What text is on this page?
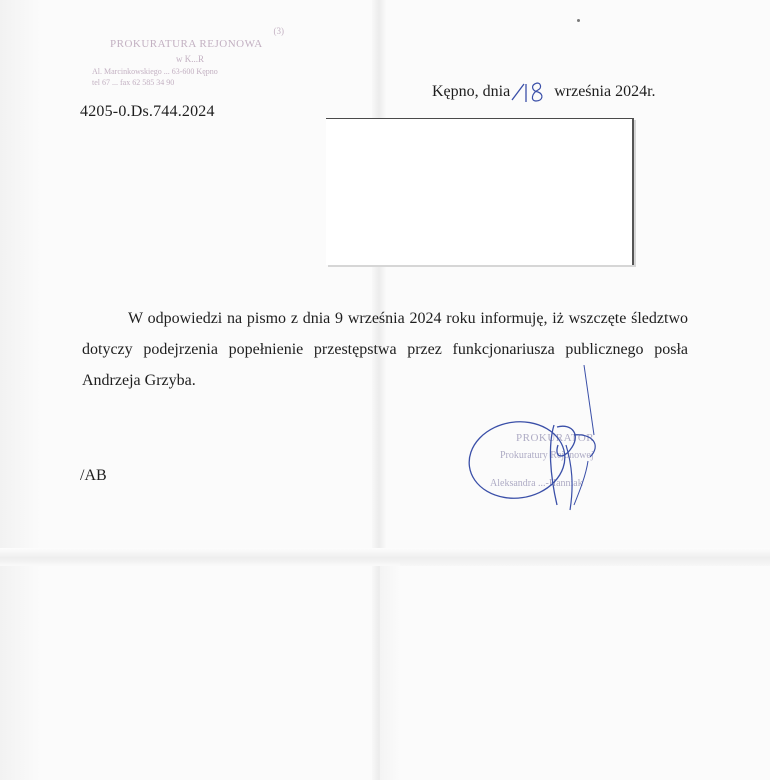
(3)
PROKURATURA REJONOWA
w K...R
Al. Marcinkowskiego ... 63-600 Kępno
tel 67 ... fax 62 585 34 90
Kępno, dnia	września 2024r.
4205-0.Ds.744.2024

W odpowiedzi na pismo z dnia 9 września 2024 roku informuję, iż wszczęte śledztwo dotyczy podejrzenia popełnienie przestępstwa przez funkcjonariusza publicznego posła Andrzeja Grzyba.

/AB
PROKURATOR
Prokuratury Rejonowej
Aleksandra ...-Hanniak
